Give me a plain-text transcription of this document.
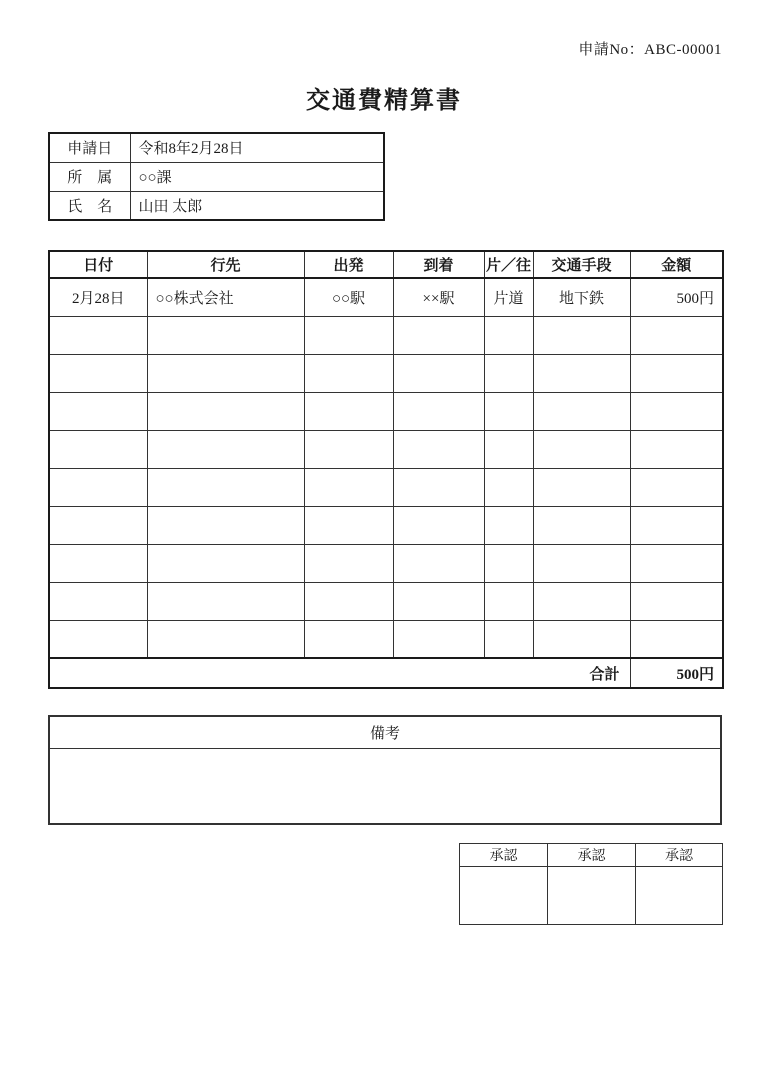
申請No：ABC-00001
交通費精算書
申請日	令和8年2月28日
所　属	○○課
氏　名	山田 太郎
日付	行先	出発	到着	片／往	交通手段	金額
2月28日	○○株式会社	○○駅	××駅	片道	地下鉄	500円

合計						500円
備考

承認	承認	承認
